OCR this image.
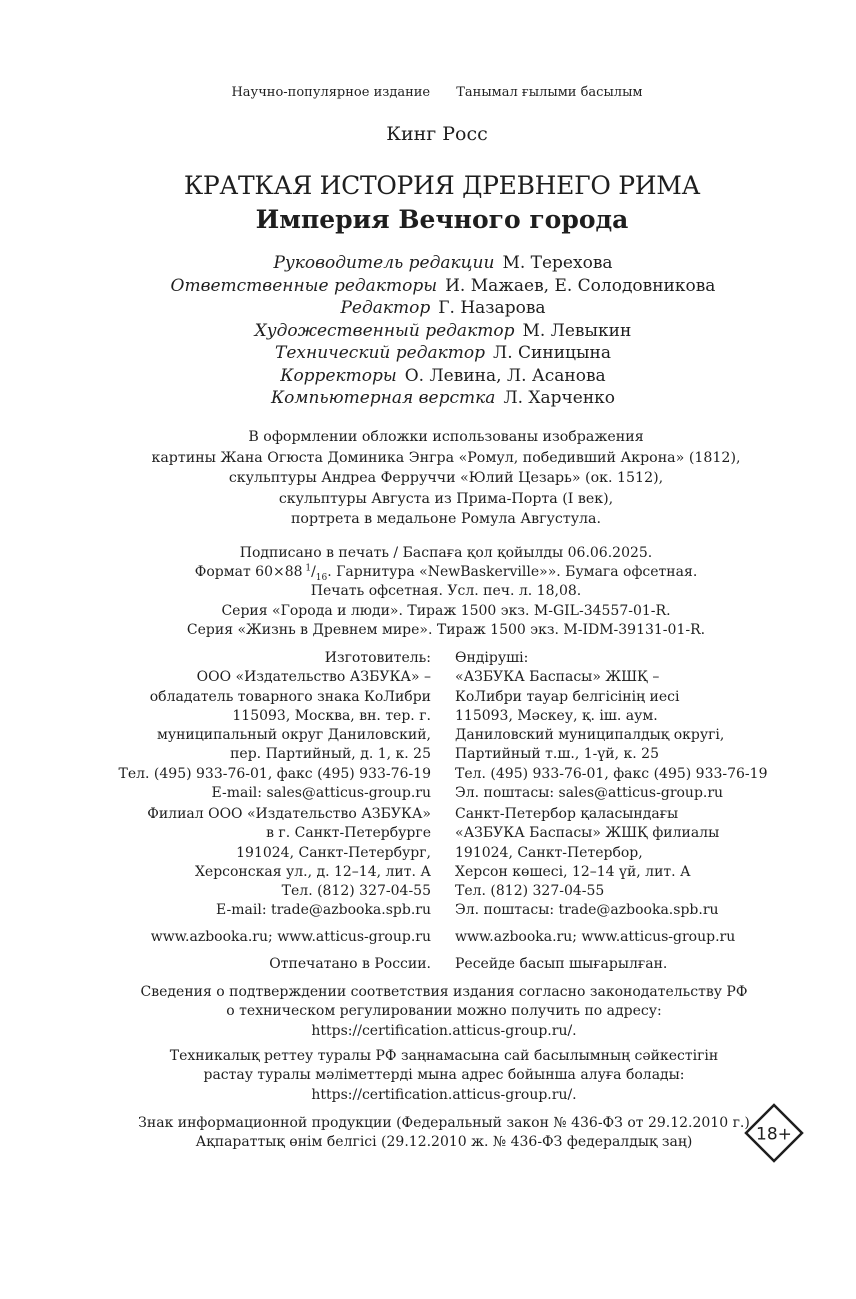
Научно-популярное издание Танымал ғылыми басылым
Кинг Росс
КРАТКАЯ ИСТОРИЯ ДРЕВНЕГО РИМА
Империя Вечного города
Руководитель редакции М. Терехова
Ответственные редакторы И. Мажаев, Е. Солодовникова
Редактор Г. Назарова
Художественный редактор М. Левыкин
Технический редактор Л. Синицына
Корректоры О. Левина, Л. Асанова
Компьютерная верстка Л. Харченко
В оформлении обложки использованы изображения
картины Жана Огюста Доминика Энгра «Ромул, победивший Акрона» (1812),
скульптуры Андреа Ферруччи «Юлий Цезарь» (ок. 1512),
скульптуры Августа из Прима-Порта (I век),
портрета в медальоне Ромула Августула.
Подписано в печать / Баспаға қол қойылды 06.06.2025.
Формат 60×88  $^1/_{16}$. Гарнитура «NewBaskerville»». Бумага офсетная.
Печать офсетная. Усл. печ. л. 18,08.
Серия «Города и люди». Тираж 1500 экз. M-GIL-34557-01-R.
Серия «Жизнь в Древнем мире». Тираж 1500 экз. M-IDM-39131-01-R.
Изготовитель:
ООО «Издательство АЗБУКА» –
обладатель товарного знака КоЛибри
115093, Москва, вн. тер. г.
муниципальный округ Даниловский,
пер. Партийный, д. 1, к. 25
Тел. (495) 933-76-01, факс (495) 933-76-19
E-mail: sales@atticus-group.ru
Өндіруші:
«АЗБУКА Баспасы» ЖШҚ –
КоЛибри тауар белгісінің иесі
115093, Мәскеу, қ. іш. аум.
Даниловский муниципалдық округі,
Партийный т.ш., 1-үй, к. 25
Тел. (495) 933-76-01, факс (495) 933-76-19
Эл. поштасы: sales@atticus-group.ru
Филиал ООО «Издательство АЗБУКА»
в г. Санкт-Петербурге
191024, Санкт-Петербург,
Херсонская ул., д. 12–14, лит. А
Тел. (812) 327-04-55
E-mail: trade@azbooka.spb.ru
Санкт-Петербор қаласындағы
«АЗБУКА Баспасы» ЖШҚ филиалы
191024, Санкт-Петербор,
Херсон көшесі, 12–14 үй, лит. А
Тел. (812) 327-04-55
Эл. поштасы: trade@azbooka.spb.ru
www.azbooka.ru; www.atticus-group.ru www.azbooka.ru; www.atticus-group.ru
Отпечатано в России. Ресейде басып шығарылған.
Сведения о подтверждении соответствия издания согласно законодательству РФ
о техническом регулировании можно получить по адресу:
https://certification.atticus-group.ru/.
Техникалық реттеу туралы РФ заңнамасына сай басылымның сәйкестігін
растау туралы мәліметтерді мына адрес бойынша алуға болады:
https://certification.atticus-group.ru/.
Знак информационной продукции (Федеральный закон № 436-ФЗ от 29.12.2010 г.)
Ақпараттық өнім белгісі (29.12.2010 ж. № 436-ФЗ федералдық заң)	18+
